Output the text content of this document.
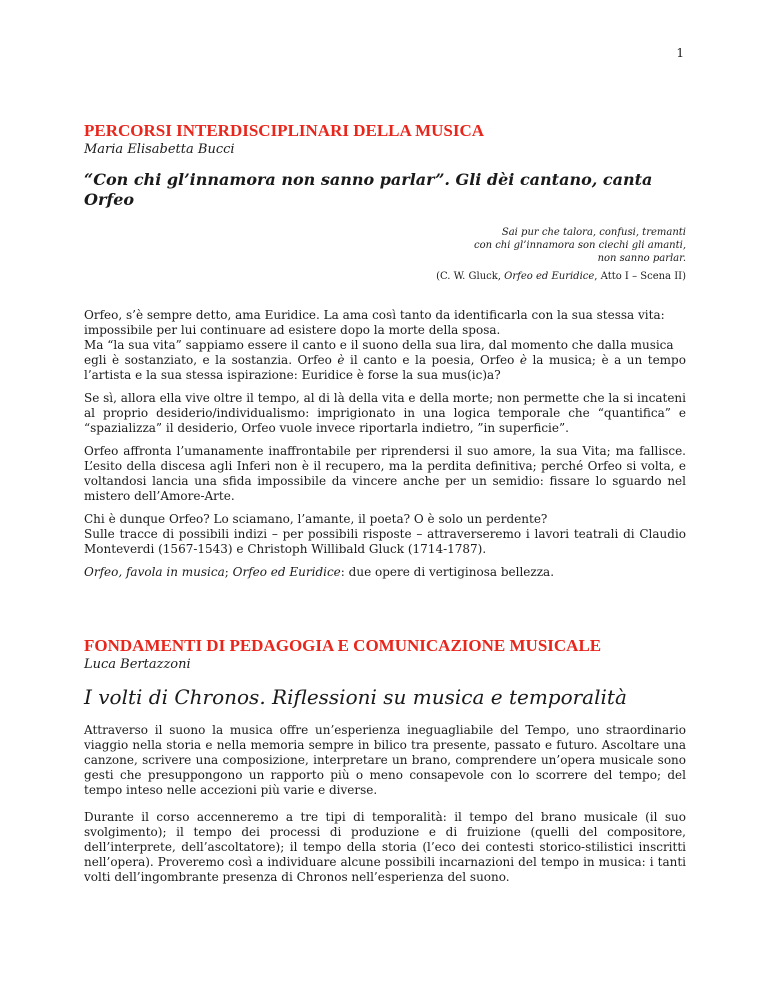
1
PERCORSI INTERDISCIPLINARI DELLA MUSICA

Maria Elisabetta Bucci

“Con chi gl’innamora non sanno parlar”. Gli dèi cantano, canta Orfeo

Sai pur che talora, confusi, tremanti
con chi gl’innamora son ciechi gli amanti,
non sanno parlar.
(C. W. Gluck, Orfeo ed Euridice, Atto I – Scena II)

Orfeo, s’è sempre detto, ama Euridice. La ama così tanto da identificarla con la sua stessa vita:
impossibile per lui continuare ad esistere dopo la morte della sposa.

Ma “la sua vita” sappiamo essere il canto e il suono della sua lira, dal momento che dalla musica
egli è sostanziato, e la sostanzia. Orfeo è il canto e la poesia, Orfeo è la musica; è a un tempo
l’artista e la sua stessa ispirazione: Euridice è forse la sua mus(ic)a?

Se sì, allora ella vive oltre il tempo, al di là della vita e della morte; non permette che la si incateni al proprio desiderio/individualismo: imprigionato in una logica temporale che “quantifica” e “spazializza” il desiderio, Orfeo vuole invece riportarla indietro, ”in superficie”.

Orfeo affronta l’umanamente inaffrontabile per riprendersi il suo amore, la sua Vita; ma fallisce. L’esito della discesa agli Inferi non è il recupero, ma la perdita definitiva; perché Orfeo si volta, e voltandosi lancia una sfida impossibile da vincere anche per un semidio: fissare lo sguardo nel mistero dell’Amore-Arte.

Chi è dunque Orfeo? Lo sciamano, l’amante, il poeta? O è solo un perdente?
Sulle tracce di possibili indizi – per possibili risposte – attraverseremo i lavori teatrali di Claudio Monteverdi (1567-1543) e Christoph Willibald Gluck (1714-1787).

Orfeo, favola in musica; Orfeo ed Euridice: due opere di vertiginosa bellezza.

FONDAMENTI DI PEDAGOGIA E COMUNICAZIONE MUSICALE

Luca Bertazzoni

I volti di Chronos. Riflessioni su musica e temporalità

Attraverso il suono la musica offre un’esperienza ineguagliabile del Tempo, uno straordinario viaggio nella storia e nella memoria sempre in bilico tra presente, passato e futuro. Ascoltare una canzone, scrivere una composizione, interpretare un brano, comprendere un’opera musicale sono gesti che presuppongono un rapporto più o meno consapevole con lo scorrere del tempo; del tempo inteso nelle accezioni più varie e diverse.

Durante il corso accenneremo a tre tipi di temporalità: il tempo del brano musicale (il suo svolgimento); il tempo dei processi di produzione e di fruizione (quelli del compositore, dell’interprete, dell’ascoltatore); il tempo della storia (l’eco dei contesti storico-stilistici inscritti nell’opera). Proveremo così a individuare alcune possibili incarnazioni del tempo in musica: i tanti volti dell’ingombrante presenza di Chronos nell’esperienza del suono.
